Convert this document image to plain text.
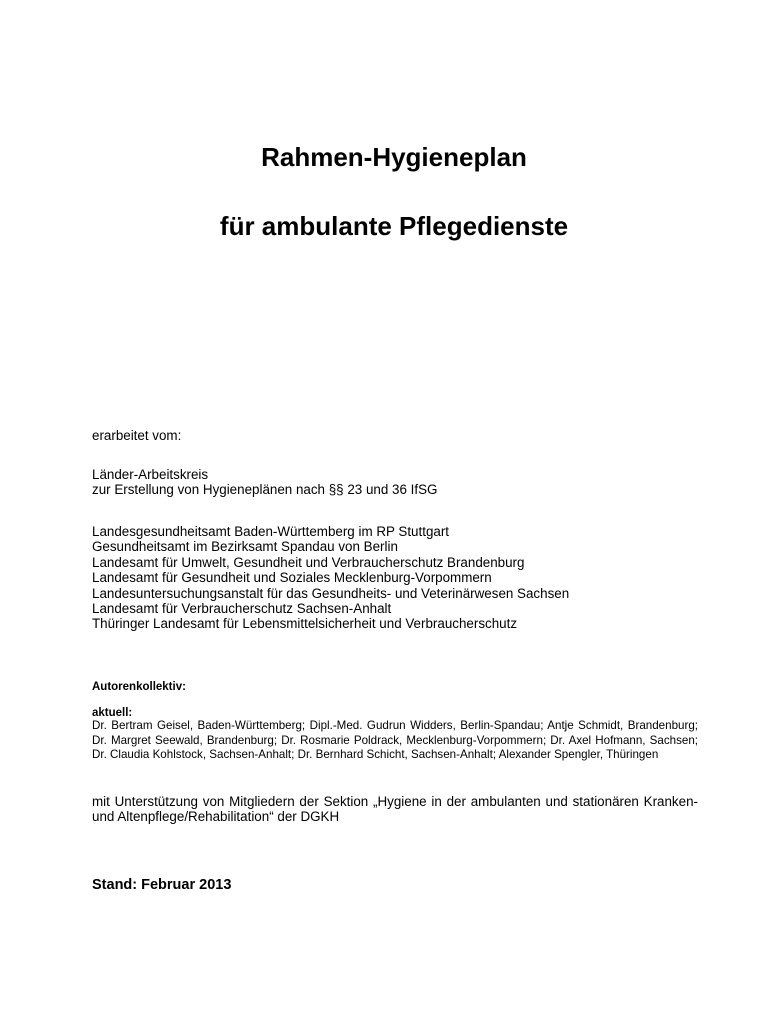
Rahmen-Hygieneplan
für ambulante Pflegedienste

erarbeitet vom:

Länder-Arbeitskreis
zur Erstellung von Hygieneplänen nach §§ 23 und 36 IfSG
Landesgesundheitsamt Baden-Württemberg im RP Stuttgart
Gesundheitsamt im Bezirksamt Spandau von Berlin
Landesamt für Umwelt, Gesundheit und Verbraucherschutz Brandenburg
Landesamt für Gesundheit und Soziales Mecklenburg-Vorpommern
Landesuntersuchungsanstalt für das Gesundheits- und Veterinärwesen Sachsen
Landesamt für Verbraucherschutz Sachsen-Anhalt
Thüringer Landesamt für Lebensmittelsicherheit und Verbraucherschutz

Autorenkollektiv:

aktuell:

Dr. Bertram Geisel, Baden-Württemberg; Dipl.-Med. Gudrun Widders, Berlin-Spandau; Antje Schmidt, Brandenburg; Dr. Margret Seewald, Brandenburg; Dr. Rosmarie Poldrack, Mecklenburg-Vorpommern; Dr. Axel Hofmann, Sachsen; Dr. Claudia Kohlstock, Sachsen-Anhalt; Dr. Bernhard Schicht, Sachsen-Anhalt; Alexander Spengler, Thüringen

mit Unterstützung von Mitgliedern der Sektion „Hygiene in der ambulanten und stationären Kranken- und Altenpflege/Rehabilitation“ der DGKH

Stand: Februar 2013
